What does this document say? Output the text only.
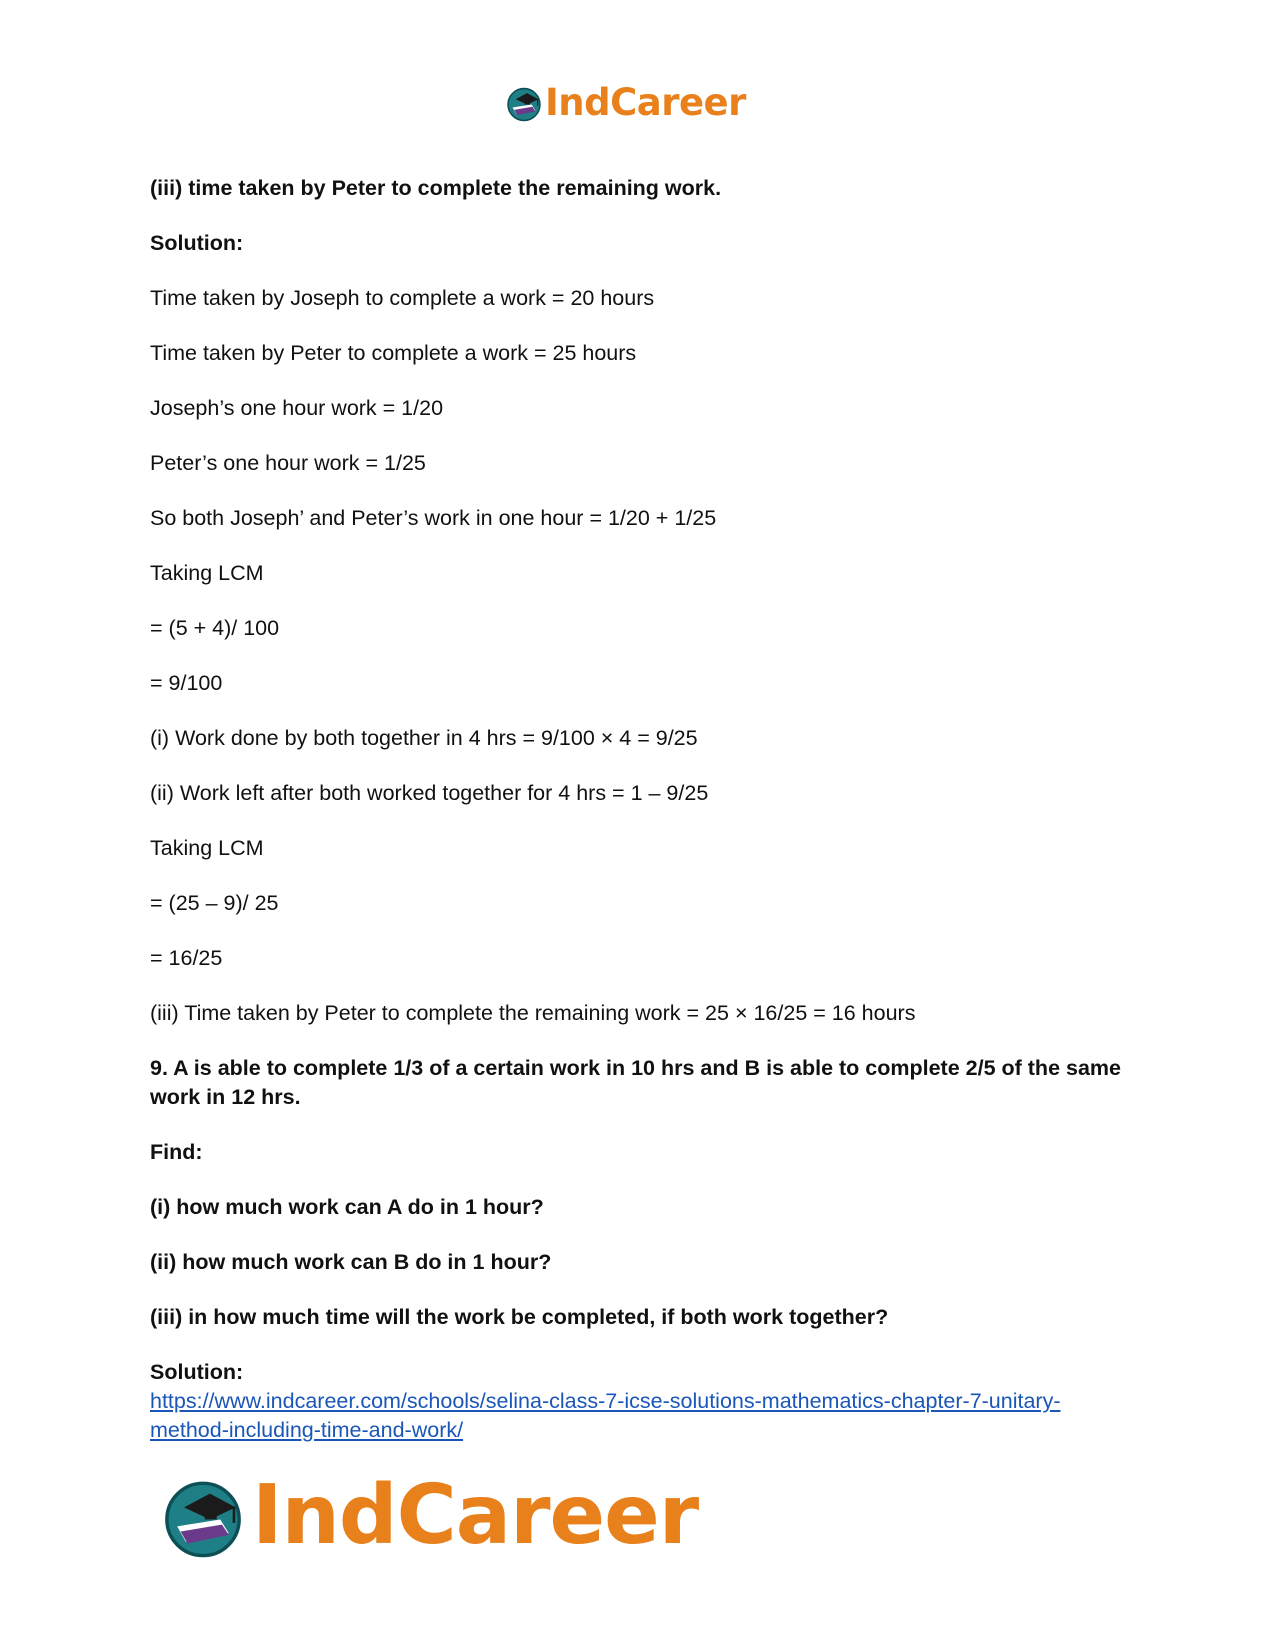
IndCareer

(iii) time taken by Peter to complete the remaining work.

Solution:

Time taken by Joseph to complete a work = 20 hours

Time taken by Peter to complete a work = 25 hours

Joseph’s one hour work = 1/20

Peter’s one hour work = 1/25

So both Joseph’ and Peter’s work in one hour = 1/20 + 1/25

Taking LCM

= (5 + 4)/ 100

= 9/100

(i) Work done by both together in 4 hrs = 9/100 × 4 = 9/25

(ii) Work left after both worked together for 4 hrs = 1 – 9/25

Taking LCM

= (25 – 9)/ 25

= 16/25

(iii) Time taken by Peter to complete the remaining work = 25 × 16/25 = 16 hours

9. A is able to complete 1/3 of a certain work in 10 hrs and B is able to complete 2/5 of the same work in 12 hrs.

Find:

(i) how much work can A do in 1 hour?

(ii) how much work can B do in 1 hour?

(iii) in how much time will the work be completed, if both work together?

Solution:

https://www.indcareer.com/schools/selina-class-7-icse-solutions-mathematics-chapter-7-unitary-method-including-time-and-work/
IndCareer
